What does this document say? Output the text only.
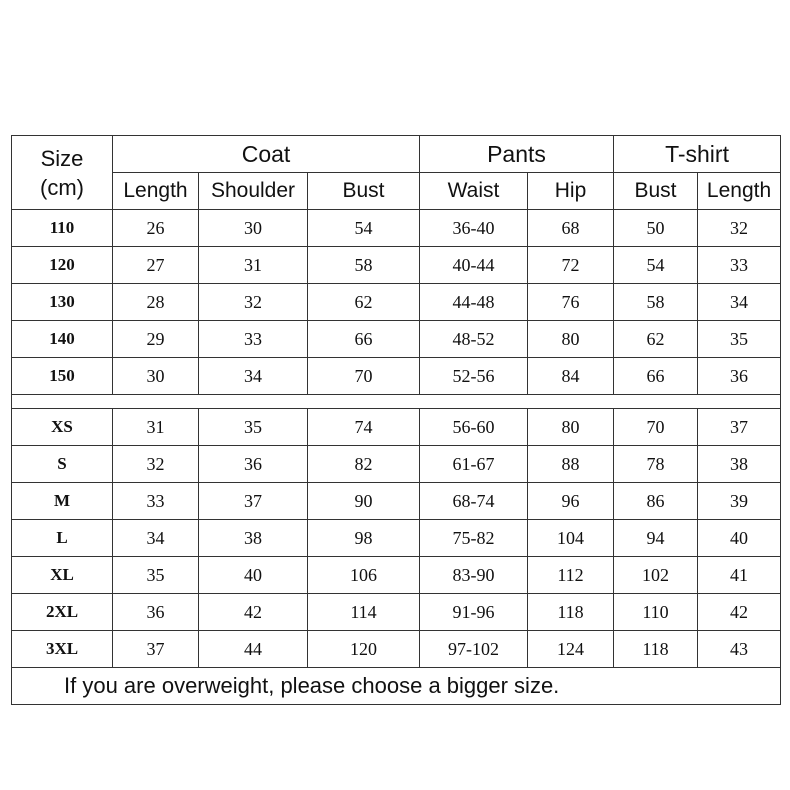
Size
(cm)	Coat			Pants		T-shirt	
	Length	Shoulder	Bust	Waist	Hip	Bust	Length
110	26	30	54	36-40	68	50	32
120	27	31	58	40-44	72	54	33
130	28	32	62	44-48	76	58	34
140	29	33	66	48-52	80	62	35
150	30	34	70	52-56	84	66	36

XS	31	35	74	56-60	80	70	37
S	32	36	82	61-67	88	78	38
M	33	37	90	68-74	96	86	39
L	34	38	98	75-82	104	94	40
XL	35	40	106	83-90	112	102	41
2XL	36	42	114	91-96	118	110	42
3XL	37	44	120	97-102	124	118	43
If you are overweight, please choose a bigger size.							
